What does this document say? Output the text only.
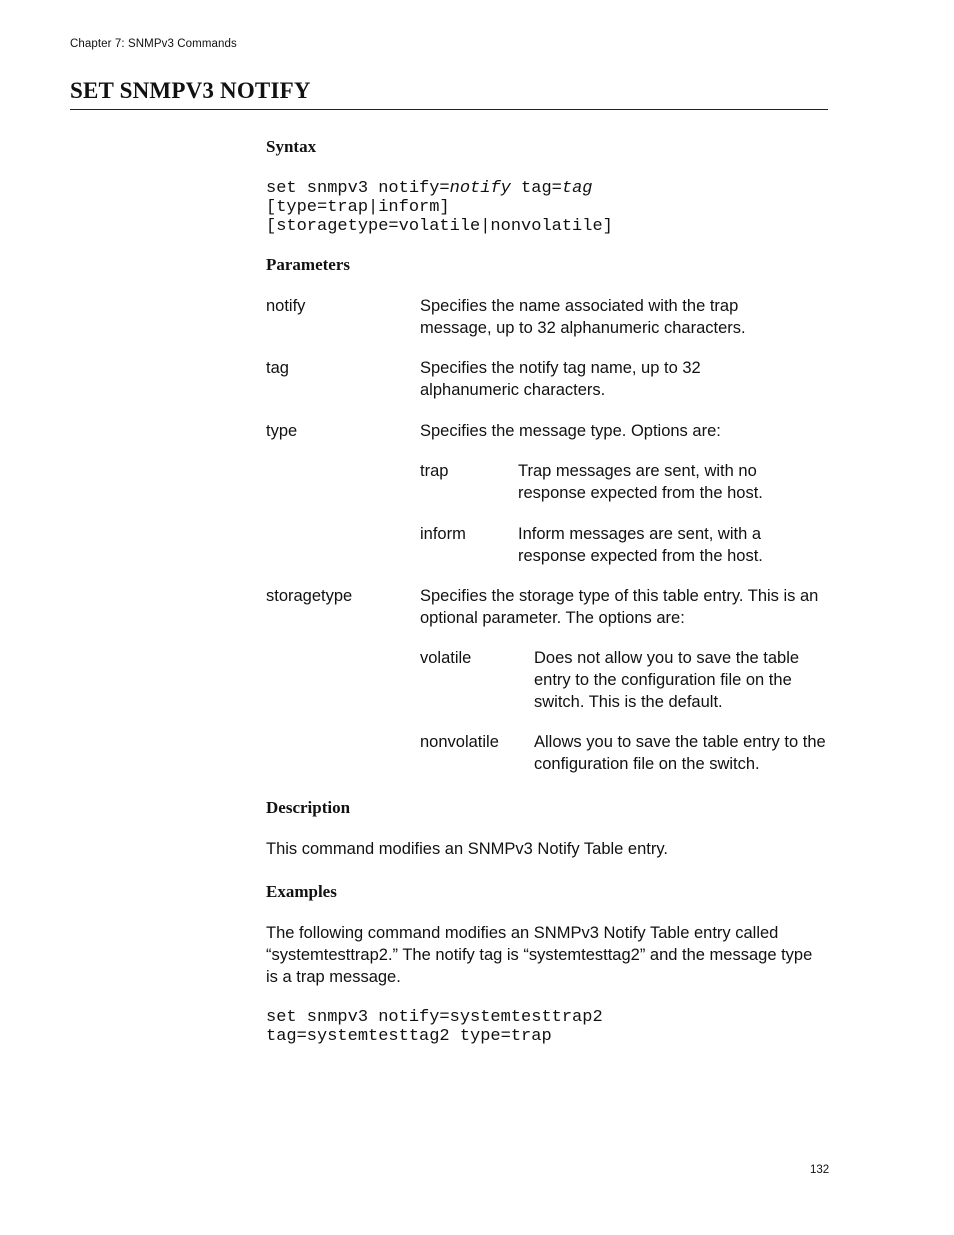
Chapter 7: SNMPv3 Commands
SET SNMPV3 NOTIFY
Syntax
set snmpv3 notify=notify tag=tag
[type=trap|inform]
[storagetype=volatile|nonvolatile]
Parameters
notify	Specifies the name associated with the trap message, up to 32 alphanumeric characters.
tag	Specifies the notify tag name, up to 32 alphanumeric characters.
type	Specifies the message type. Options are:
trap	Trap messages are sent, with no response expected from the host.
inform	Inform messages are sent, with a response expected from the host.
storagetype	Specifies the storage type of this table entry. This is an optional parameter. The options are:
volatile	Does not allow you to save the table entry to the configuration file on the switch. This is the default.
nonvolatile Allows you to save the table entry to the configuration file on the switch.
Description
This command modifies an SNMPv3 Notify Table entry.
Examples
The following command modifies an SNMPv3 Notify Table entry called “systemtesttrap2.” The notify tag is “systemtesttag2” and the message type is a trap message.
set snmpv3 notify=systemtesttrap2
tag=systemtesttag2 type=trap
132
